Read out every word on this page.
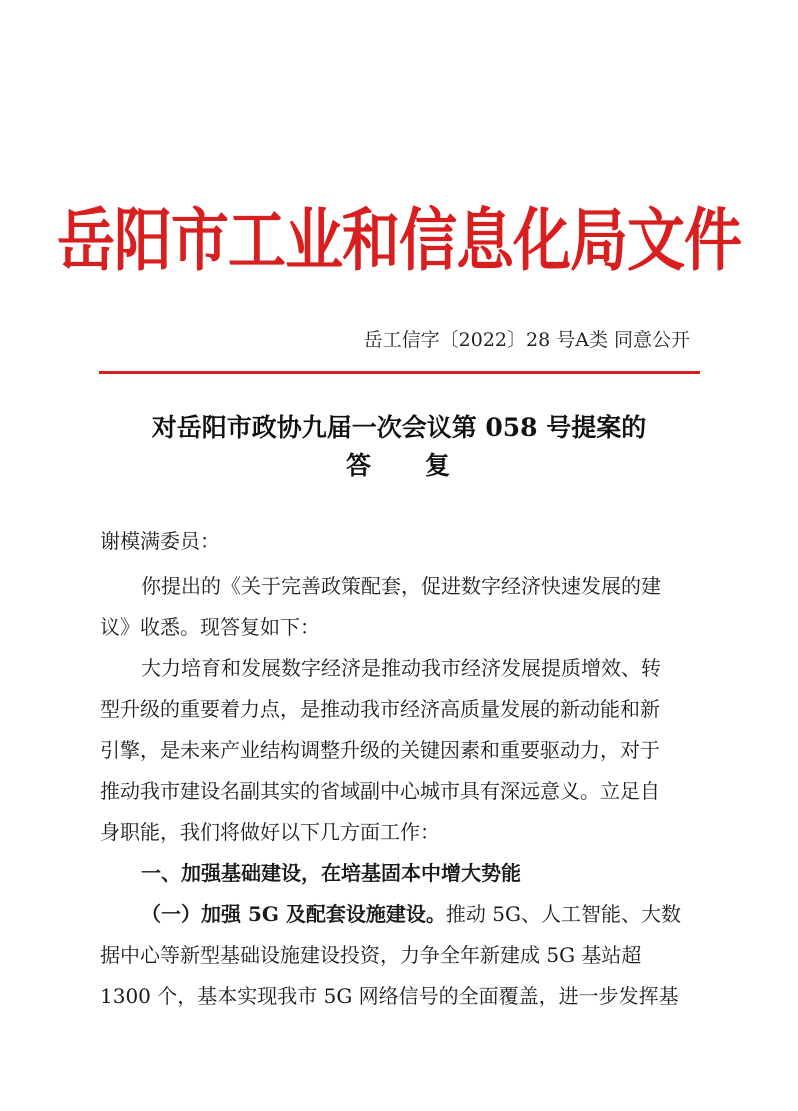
岳阳市工业和信息化局文件
岳工信字〔2022〕28 号A类 同意公开
对岳阳市政协九届一次会议第 058 号提案的
答 复
谢模满委员：
你提出的《关于完善政策配套，促进数字经济快速发展的建
议》收悉。现答复如下：
大力培育和发展数字经济是推动我市经济发展提质增效、转
型升级的重要着力点，是推动我市经济高质量发展的新动能和新
引擎，是未来产业结构调整升级的关键因素和重要驱动力，对于
推动我市建设名副其实的省域副中心城市具有深远意义。立足自
身职能，我们将做好以下几方面工作：
一、加强基础建设，在培基固本中增大势能
（一）加强 5G 及配套设施建设。推动 5G、人工智能、大数
据中心等新型基础设施建设投资，力争全年新建成 5G 基站超
1300 个，基本实现我市 5G 网络信号的全面覆盖，进一步发挥基
